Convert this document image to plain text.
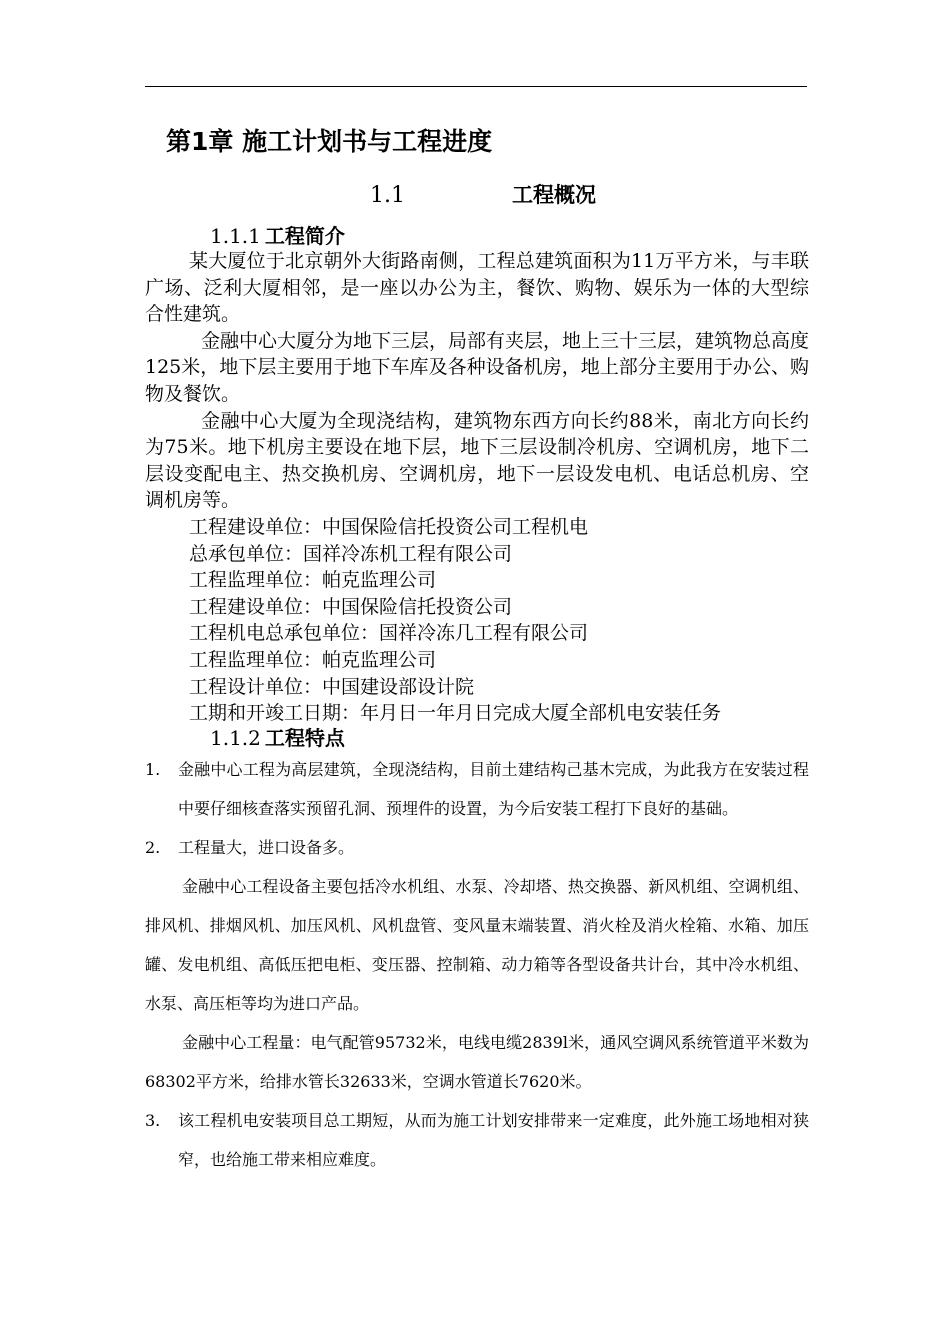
第1章 施工计划书与工程进度
1.1	工程概况
1.1.1 工程简介

某大厦位于北京朝外大街路南侧，工程总建筑面积为11万平方米，与丰联广场、泛利大厦相邻，是一座以办公为主，餐饮、购物、娱乐为一体的大型综合性建筑。

金融中心大厦分为地下三层，局部有夹层，地上三十三层，建筑物总高度125米，地下层主要用于地下车库及各种设备机房，地上部分主要用于办公、购物及餐饮。

金融中心大厦为全现浇结构，建筑物东西方向长约88米，南北方向长约为75米。地下机房主要设在地下层，地下三层设制冷机房、空调机房，地下二层设变配电主、热交换机房、空调机房，地下一层设发电机、电话总机房、空调机房等。

工程建设单位：中国保险信托投资公司工程机电

总承包单位：国祥冷冻机工程有限公司

工程监理单位：帕克监理公司

工程建设单位：中国保险信托投资公司

工程机电总承包单位：国祥冷冻几工程有限公司

工程监理单位：帕克监理公司

工程设计单位：中国建设部设计院

工期和开竣工日期：年月日一年月日完成大厦全部机电安装任务

1.1.2 工程特点

1. 金融中心工程为高层建筑，全现浇结构，目前土建结构己基木完成，为此我方在安装过程中要仔细核查落实预留孔洞、预埋件的设置，为今后安装工程打下良好的基础。

2. 工程量大，进口设备多。

金融中心工程设备主要包括冷水机组、水泵、冷却塔、热交换器、新风机组、空调机组、排风机、排烟风机、加压风机、风机盘管、变风量末端装置、消火栓及消火栓箱、水箱、加压罐、发电机组、高低压把电柜、变压器、控制箱、动力箱等各型设备共计台，其中冷水机组、水泵、高压柜等均为进口产品。

金融中心工程量：电气配管95732米，电线电缆2839l米，通风空调风系统管道平米数为68302平方米，给排水管长32633米，空调水管道长7620米。

3. 该工程机电安装项目总工期短，从而为施工计划安排带来一定难度，此外施工场地相对狭窄，也给施工带来相应难度。
